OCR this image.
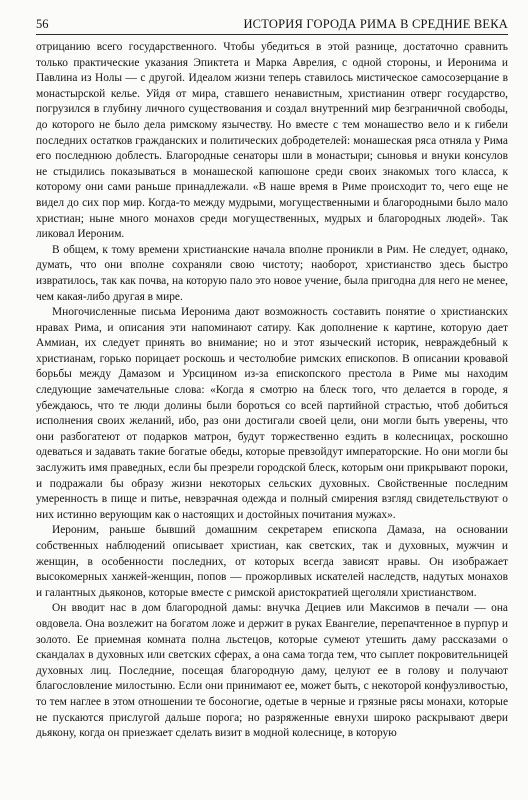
56	ИСТОРИЯ ГОРОДА РИМА В СРЕДНИЕ ВЕКА

отрицанию всего государственного. Чтобы убедиться в этой разнице, достаточно сравнить только практические указания Эпиктета и Марка Аврелия, с одной стороны, и Иеронима и Павлина из Нолы — с другой. Идеалом жизни теперь ставилось мистическое самосозерцание в монастырской келье. Уйдя от мира, ставшего ненавистным, христианин отверг государство, погрузился в глубину личного существования и создал внутренний мир безграничной свободы, до которого не было дела римскому язычеству. Но вместе с тем монашество вело и к гибели последних остатков гражданских и политических добродетелей: монашеская ряса отняла у Рима его последнюю доблесть. Благородные сенаторы шли в монастыри; сыновья и внуки консулов не стыдились показываться в монашеской капюшоне среди своих знакомых того класса, к которому они сами раньше принадлежали. «В наше время в Риме происходит то, чего еще не видел до сих пор мир. Когда-то между мудрыми, могущественными и благородными было мало христиан; ныне много монахов среди могущественных, мудрых и благородных людей». Так ликовал Иероним.

В общем, к тому времени христианские начала вполне проникли в Рим. Не следует, однако, думать, что они вполне сохраняли свою чистоту; наоборот, христианство здесь быстро извратилось, так как почва, на которую пало это новое учение, была пригодна для него не менее, чем какая-либо другая в мире.

Многочисленные письма Иеронима дают возможность составить понятие о христианских нравах Рима, и описания эти напоминают сатиру. Как дополнение к картине, которую дает Аммиан, их следует принять во внимание; но и этот языческий историк, невраждебный к христианам, горько порицает роскошь и честолюбие римских епископов. В описании кровавой борьбы между Дамазом и Урсицином из-за епископского престола в Риме мы находим следующие замечательные слова: «Когда я смотрю на блеск того, что делается в городе, я убеждаюсь, что те люди долины были бороться со всей партийной страстью, чтоб добиться исполнения своих желаний, ибо, раз они достигали своей цели, они могли быть уверены, что они разбогатеют от подарков матрон, будут торжественно ездить в колесницах, роскошно одеваться и задавать такие богатые обеды, которые превзойдут императорские. Но они могли бы заслужить имя праведных, если бы презрели городской блеск, которым они прикрывают пороки, и подражали бы образу жизни некоторых сельских духовных. Свойственные последним умеренность в пище и питье, невзрачная одежда и полный смирения взгляд свидетельствуют о них истинно верующим как о настоящих и достойных почитания мужах».

Иероним, раньше бывший домашним секретарем епископа Дамаза, на основании собственных наблюдений описывает христиан, как светских, так и духовных, мужчин и женщин, в особенности последних, от которых всегда зависят нравы. Он изображает высокомерных ханжей-женщин, попов — прожорливых искателей наследств, надутых монахов и галантных дьяконов, которые вместе с римской аристократией щеголяли христианством.

Он вводит нас в дом благородной дамы: внучка Дециев или Максимов в печали — она овдовела. Она возлежит на богатом ложе и держит в руках Евангелие, перепачтенное в пурпур и золото. Ее приемная комната полна льстецов, которые сумеют утешить даму рассказами о скандалах в духовных или светских сферах, а она сама тогда тем, что сыплет покровительницей духовных лиц. Последние, посещая благородную даму, целуют ее в голову и получают благословление милостыню. Если они принимают ее, может быть, с некоторой конфузливостью, то тем наглее в этом отношении те босоногие, одетые в черные и грязные рясы монахи, которые не пускаются прислугой дальше порога; но разряженные евнухи широко раскрывают двери дьякону, когда он приезжает сделать визит в модной колеснице, в которую
